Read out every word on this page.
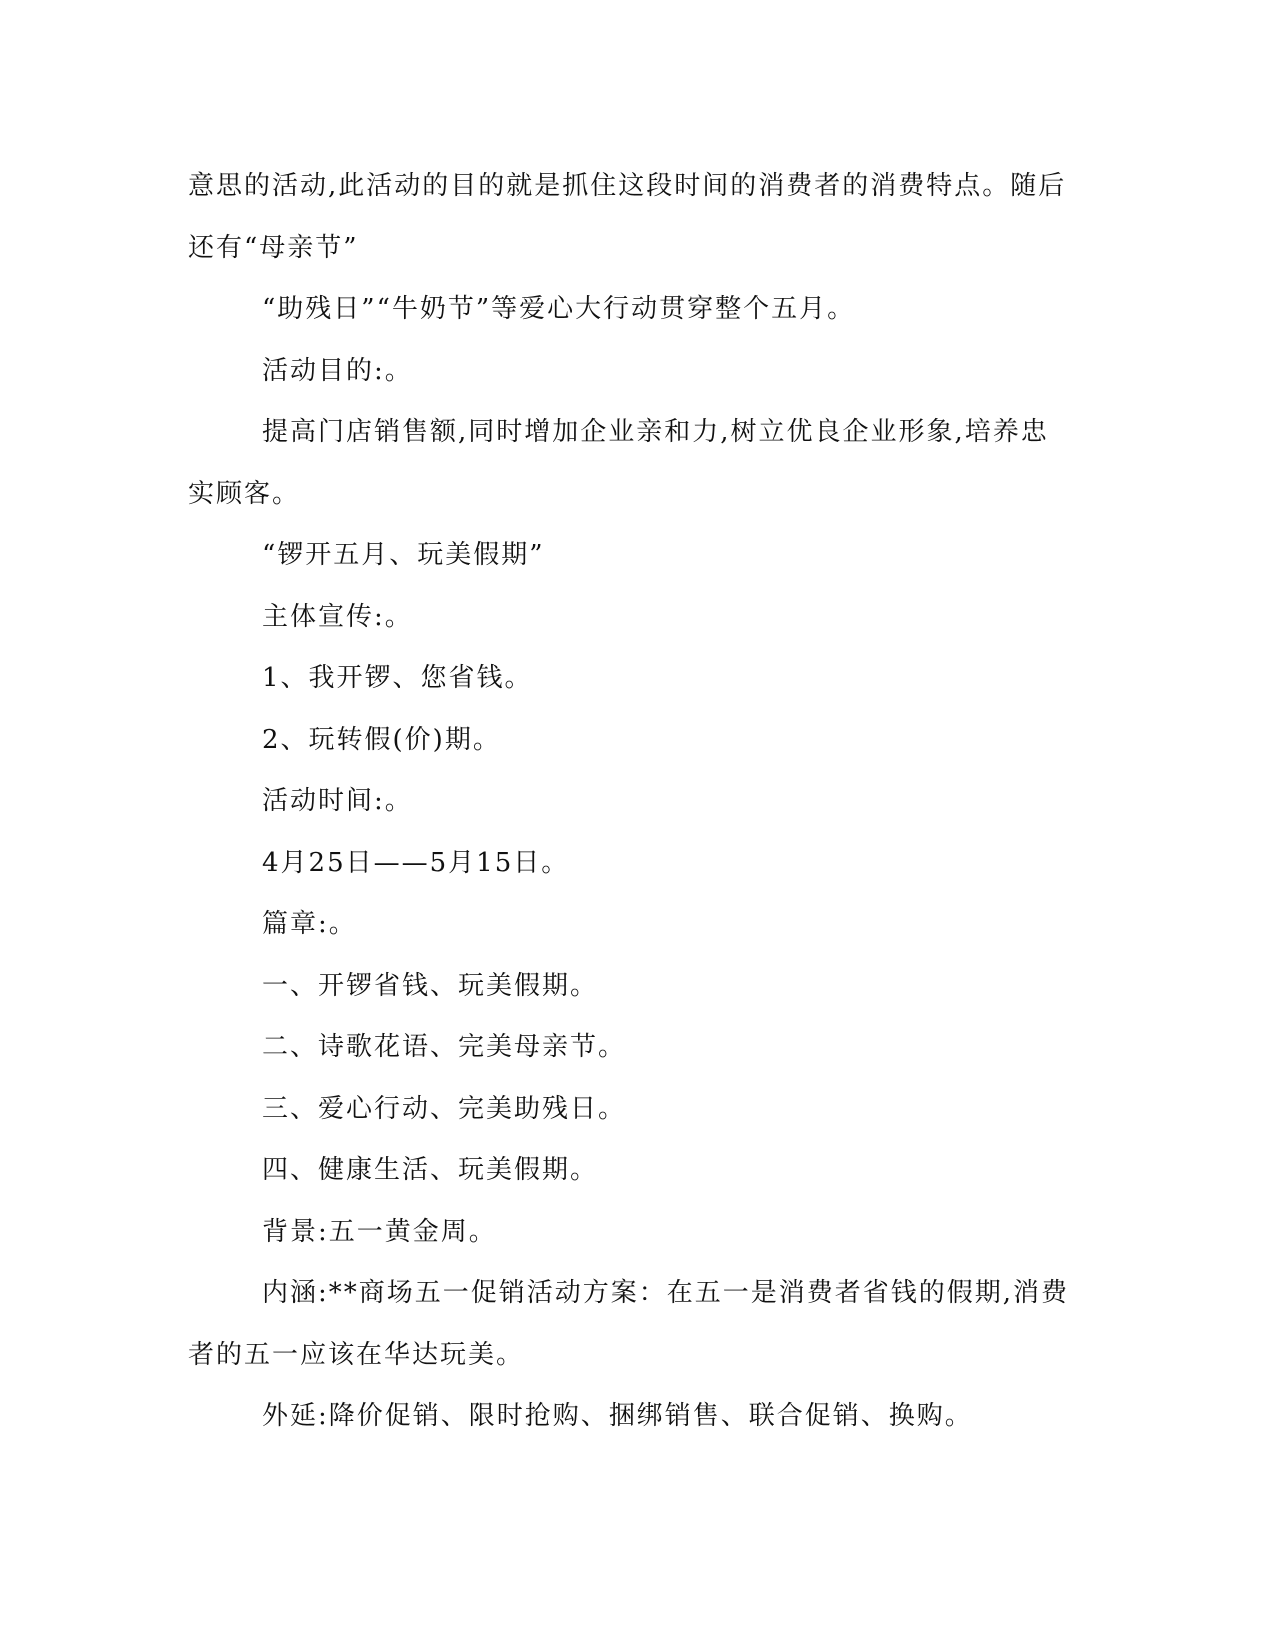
意思的活动,此活动的目的就是抓住这段时间的消费者的消费特点。随后还有“母亲节”

“助残日”“牛奶节”等爱心大行动贯穿整个五月。

活动目的:。

提高门店销售额,同时增加企业亲和力,树立优良企业形象,培养忠实顾客。

“锣开五月、玩美假期”

主体宣传:。

1、我开锣、您省钱。

2、玩转假(价)期。

活动时间:。

4月25日——5月15日。

篇章:。

一、开锣省钱、玩美假期。

二、诗歌花语、完美母亲节。

三、爱心行动、完美助残日。

四、健康生活、玩美假期。

背景:五一黄金周。

内涵:**商场五一促销活动方案：在五一是消费者省钱的假期,消费者的五一应该在华达玩美。

外延:降价促销、限时抢购、捆绑销售、联合促销、换购。
